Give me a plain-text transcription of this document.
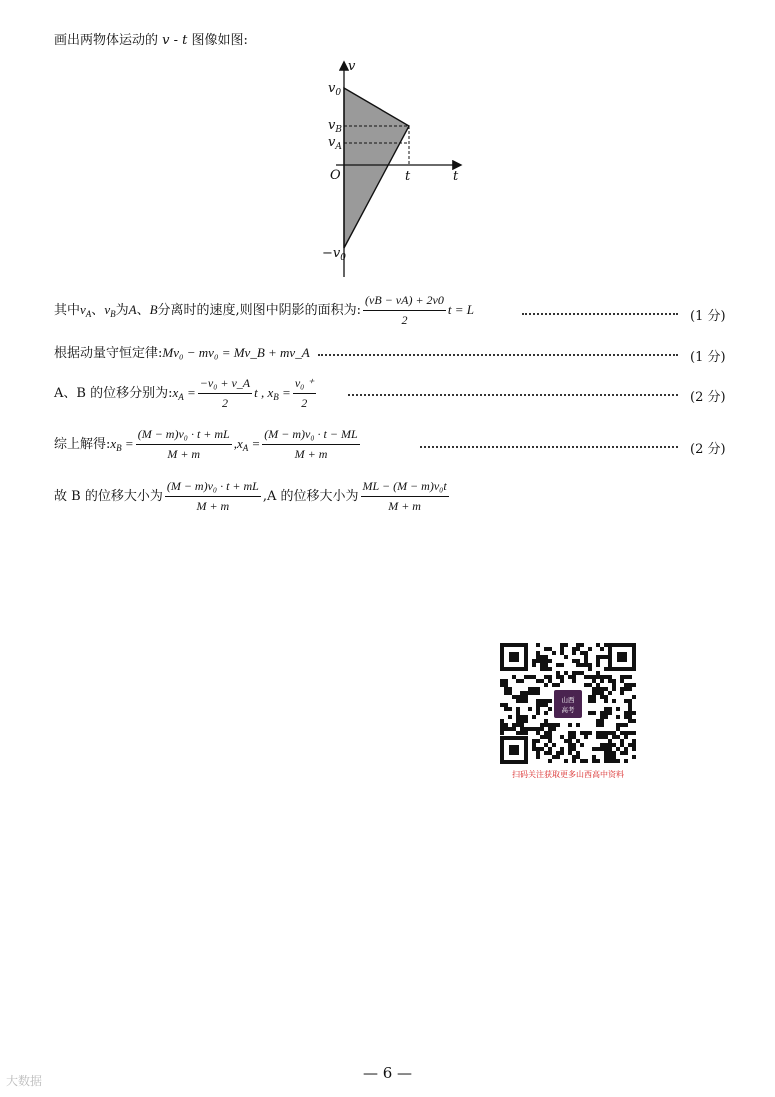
画出两物体运动的 v - t 图像如图:
v
t
$v_0$
$v_B$
$v_A$
O	t
$-v_0$
其中 $v_A$ 、 $v_B$ 为 A 、 B 分离时的速度,则图中阴影的面积为: $\frac{(vB - vA) + 2v0}{2}$ t = L	(1 分)
根据动量守恒定律:Mv₀ − mv₀ = Mv_B + mv_A	(1 分)
A、B 的位移分别为: $x_A = \frac{\text{−v₀ + v\_A}}{2}$ t , $x_B = \frac{\text{v₀ ⁺}}{2}$	(2 分)
综上解得: $x_B = \frac{\text{(M − m)v₀ · t + mL}}{M + m}$ , $x_A = \frac{\text{(M − m)v₀ · t − ML}}{M + m}$	(2 分)
故 B 的位移大小为 $\frac{\text{(M − m)v₀ · t + mL}}{M + m} ,A$ 的位移大小为 $\frac{\text{ML − (M − m)v₀t}}{M + m}$
山西
高考
扫码关注获取更多山西高中资料
— 6 —
大数据
